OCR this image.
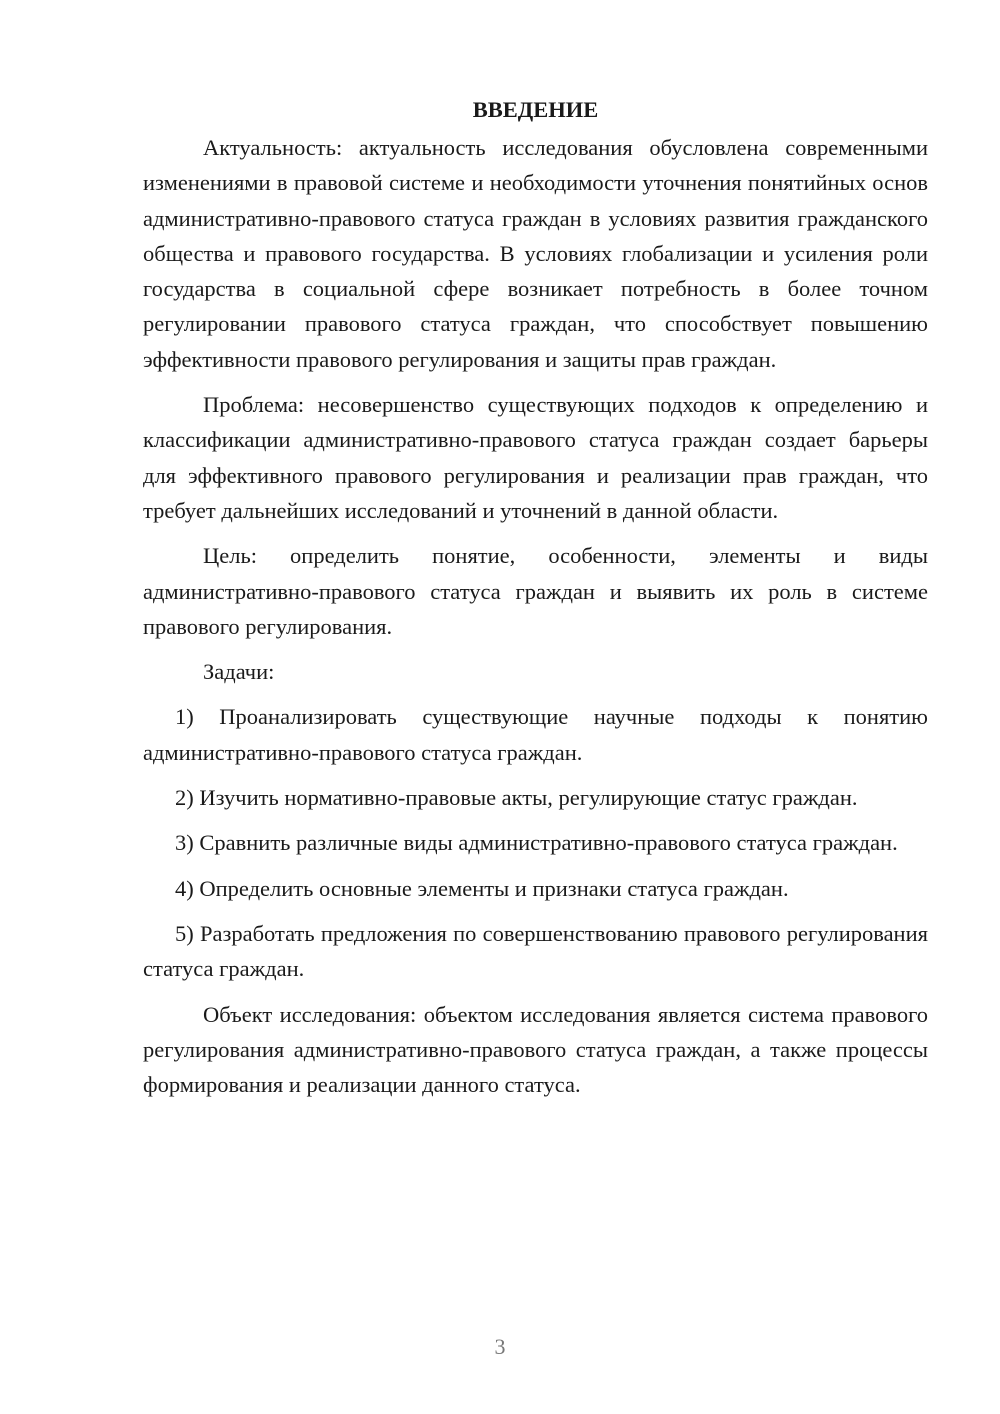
ВВЕДЕНИЕ

Актуальность: актуальность исследования обусловлена современными изменениями в правовой системе и необходимости уточнения понятийных основ административно-правового статуса граждан в условиях развития гражданского общества и правового государства. В условиях глобализации и усиления роли государства в социальной сфере возникает потребность в более точном регулировании правового статуса граждан, что способствует повышению эффективности правового регулирования и защиты прав граждан.

Проблема: несовершенство существующих подходов к определению и классификации административно-правового статуса граждан создает барьеры для эффективного правового регулирования и реализации прав граждан, что требует дальнейших исследований и уточнений в данной области.

Цель: определить понятие, особенности, элементы и виды административно-правового статуса граждан и выявить их роль в системе правового регулирования.

Задачи:

1) Проанализировать существующие научные подходы к понятию административно-правового статуса граждан.

2) Изучить нормативно-правовые акты, регулирующие статус граждан.

3) Сравнить различные виды административно-правового статуса граждан.

4) Определить основные элементы и признаки статуса граждан.

5) Разработать предложения по совершенствованию правового регулирования статуса граждан.

Объект исследования: объектом исследования является система правового регулирования административно-правового статуса граждан, а также процессы формирования и реализации данного статуса.

3
